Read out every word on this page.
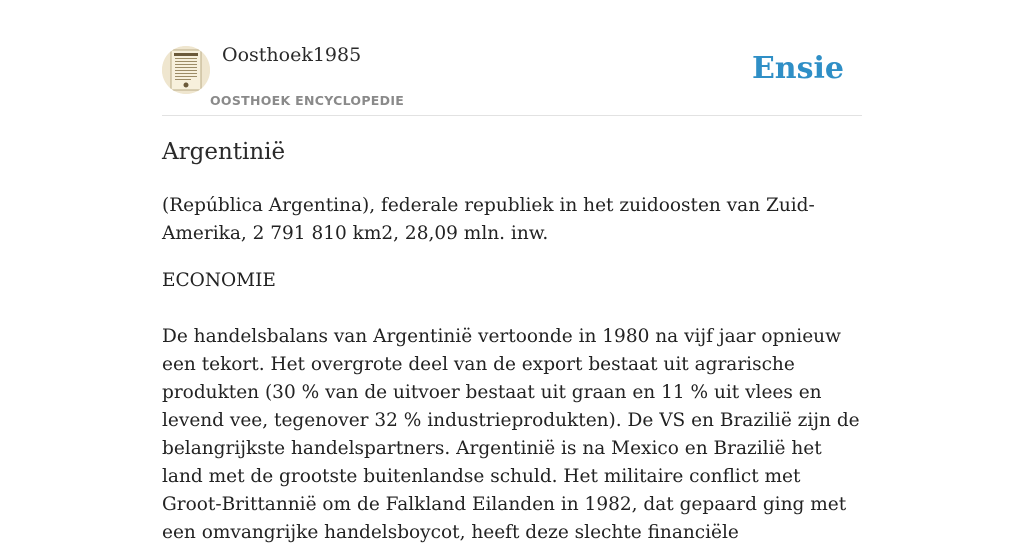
Oosthoek1985
OOSTHOEK ENCYCLOPEDIE
Ensie
Argentinië

(República Argentina), federale republiek in het zuidoosten van Zuid-Amerika, 2 791 810 km2, 28,09 mln. inw.

ECONOMIE

De handelsbalans van Argentinië vertoonde in 1980 na vijf jaar opnieuw een tekort. Het overgrote deel van de export bestaat uit agrarische produkten (30 % van de uitvoer bestaat uit graan en 11 % uit vlees en levend vee, tegenover 32 % industrieprodukten). De VS en Brazilië zijn de belangrijkste handelspartners. Argentinië is na Mexico en Brazilië het land met de grootste buitenlandse schuld. Het militaire conflict met Groot-Brittannië om de Falkland Eilanden in 1982, dat gepaard ging met een omvangrijke handelsboycot, heeft deze slechte financiële
